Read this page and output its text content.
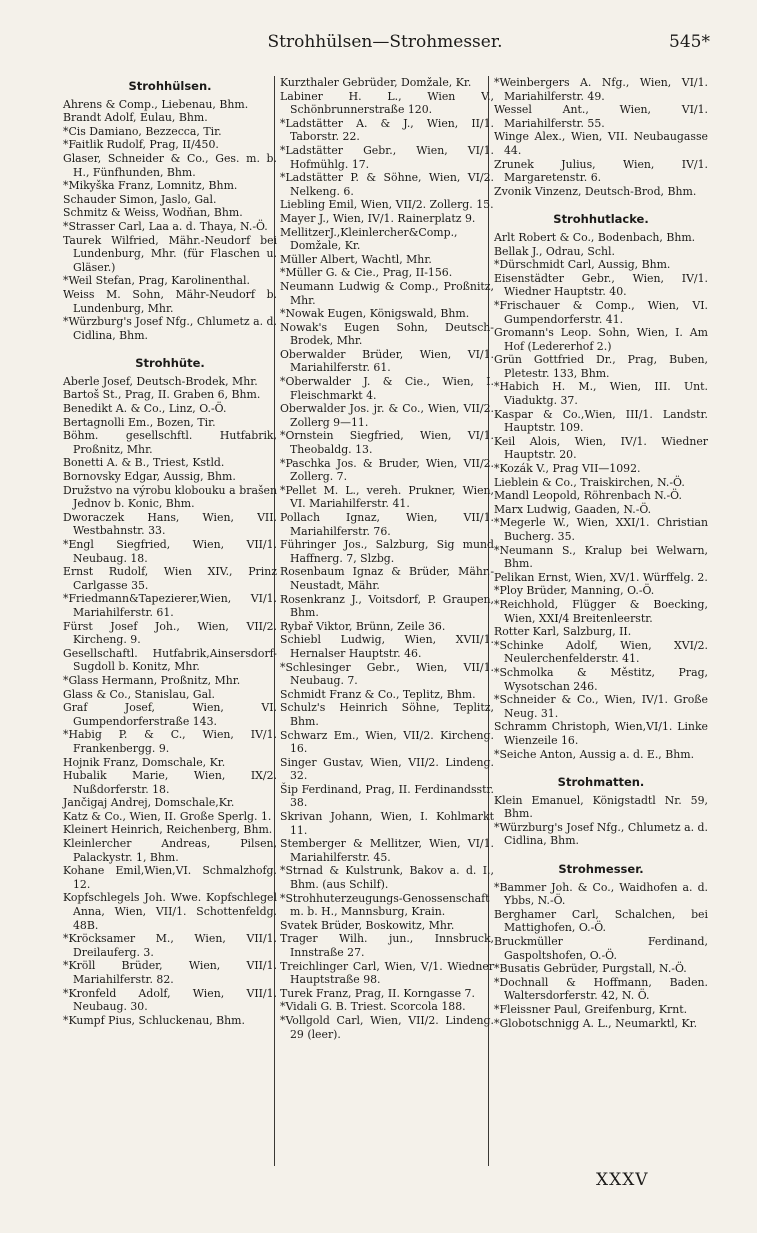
Strohhülsen—Strohmesser.	545*
Strohhülsen.

Ahrens & Comp., Liebenau, Bhm.

Brandt Adolf, Eulau, Bhm.

*Cis Damiano, Bezzecca, Tir.

*Faitlik Rudolf, Prag, II/450.

Glaser, Schneider & Co., Ges. m. b. H., Fünfhunden, Bhm.

*Mikyška Franz, Lomnitz, Bhm.

Schauder Simon, Jaslo, Gal.

Schmitz & Weiss, Wodňan, Bhm.

*Strasser Carl, Laa a. d. Thaya, N.-Ö.

Taurek Wilfried, Mähr.-Neudorf bei Lundenburg, Mhr. (für Flaschen u. Gläser.)

*Weil Stefan, Prag, Karolinenthal.

Weiss M. Sohn, Mähr-Neudorf b. Lundenburg, Mhr.

*Würzburg's Josef Nfg., Chlumetz a. d. Cidlina, Bhm.

Strohhüte.

Aberle Josef, Deutsch-Brodek, Mhr.

Bartoš St., Prag, II. Graben 6, Bhm.

Benedikt A. & Co., Linz, O.-Ö.

Bertagnolli Em., Bozen, Tir.

Böhm. gesellschftl. Hutfabrik, Proßnitz, Mhr.

Bonetti A. & B., Triest, Kstld.

Bornovsky Edgar, Aussig, Bhm.

Družstvo na výrobu klobouku a brašen Jednov b. Konic, Bhm.

Dworaczek Hans, Wien, VII. Westbahnstr. 33.

*Engl Siegfried, Wien, VII/1. Neubaug. 18.

Ernst Rudolf, Wien XIV., Prinz Carlgasse 35.

*Friedmann&Tapezierer,Wien, VI/1. Mariahilferstr. 61.

Fürst Josef Joh., Wien, VII/2. Kircheng. 9.

Gesellschaftl. Hutfabrik,Ainsersdorf-Sugdoll b. Konitz, Mhr.

*Glass Hermann, Proßnitz, Mhr.

Glass & Co., Stanislau, Gal.

Graf Josef, Wien, VI. Gumpendorferstraße 143.

*Habig P. & C., Wien, IV/1. Frankenbergg. 9.

Hojnik Franz, Domschale, Kr.

Hubalik Marie, Wien, IX/2. Nußdorferstr. 18.

Jančigaj Andrej, Domschale,Kr.

Katz & Co., Wien, II. Große Sperlg. 1.

Kleinert Heinrich, Reichenberg, Bhm.

Kleinlercher Andreas, Pilsen, Palackystr. 1, Bhm.

Kohane Emil,Wien,VI. Schmalzhofg. 12.

Kopfschlegels Joh. Wwe. Kopfschlegel Anna, Wien, VII/1. Schottenfeldg. 48B.

*Kröcksamer M., Wien, VII/1. Dreilauferg. 3.

*Kröll Brüder, Wien, VII/1. Mariahilferstr. 82.

*Kronfeld Adolf, Wien, VII/1. Neubaug. 30.

*Kumpf Pius, Schluckenau, Bhm.

Kurzthaler Gebrüder, Domžale, Kr.

Labiner H. L., Wien V., Schönbrunnerstraße 120.

*Ladstätter A. & J., Wien, II/1. Taborstr. 22.

*Ladstätter Gebr., Wien, VI/1. Hofmühlg. 17.

*Ladstätter P. & Söhne, Wien, VI/2. Nelkeng. 6.

Liebling Emil, Wien, VII/2. Zollerg. 15.

Mayer J., Wien, IV/1. Rainerplatz 9.

MellitzerJ.,Kleinlercher&Comp., Domžale, Kr.

Müller Albert, Wachtl, Mhr.

*Müller G. & Cie., Prag, II-156.

Neumann Ludwig & Comp., Proßnitz, Mhr.

*Nowak Eugen, Königswald, Bhm.

Nowak's Eugen Sohn, Deutsch-Brodek, Mhr.

Oberwalder Brüder, Wien, VI/1. Mariahilferstr. 61.

*Oberwalder J. & Cie., Wien, I. Fleischmarkt 4.

Oberwalder Jos. jr. & Co., Wien, VII/2. Zollerg 9—11.

*Ornstein Siegfried, Wien, VI/1. Theobaldg. 13.

*Paschka Jos. & Bruder, Wien, VII/2. Zollerg. 7.

*Pellet M. L., vereh. Prukner, Wien, VI. Mariahilferstr. 41.

Pollach Ignaz, Wien, VII/1. Mariahilferstr. 76.

Führinger Jos., Salzburg, Sig mund Haffnerg. 7, Slzbg.

Rosenbaum Ignaz & Brüder, Mähr.-Neustadt, Mähr.

Rosenkranz J., Voitsdorf, P. Graupen, Bhm.

Rybař Viktor, Brünn, Zeile 36.

Schiebl Ludwig, Wien, XVII/1. Hernalser Hauptstr. 46.

*Schlesinger Gebr., Wien, VII/1. Neubaug. 7.

Schmidt Franz & Co., Teplitz, Bhm.

Schulz's Heinrich Söhne, Teplitz, Bhm.

Schwarz Em., Wien, VII/2. Kircheng. 16.

Singer Gustav, Wien, VII/2. Lindeng. 32.

Šip Ferdinand, Prag, II. Ferdinandsstr. 38.

Skrivan Johann, Wien, I. Kohlmarkt 11.

Stemberger & Mellitzer, Wien, VI/1. Mariahilferstr. 45.

*Strnad & Kulstrunk, Bakov a. d. I., Bhm. (aus Schilf).

*Strohhuterzeugungs-Genossenschaft m. b. H., Mannsburg, Krain.

Svatek Brüder, Boskowitz, Mhr.

Trager Wilh. jun., Innsbruck, Innstraße 27.

Treichlinger Carl, Wien, V/1. Wiedner Hauptstraße 98.

Turek Franz, Prag, II. Korngasse 7.

*Vidali G. B. Triest. Scorcola 188.

*Vollgold Carl, Wien, VII/2. Lindeng. 29 (leer).

*Weinbergers A. Nfg., Wien, VI/1. Mariahilferstr. 49.

Wessel Ant., Wien, VI/1. Mariahilferstr. 55.

Winge Alex., Wien, VII. Neubaugasse 44.

Zrunek Julius, Wien, IV/1. Margaretenstr. 6.

Zvonik Vinzenz, Deutsch-Brod, Bhm.

Strohhutlacke.

Arlt Robert & Co., Bodenbach, Bhm.

Bellak J., Odrau, Schl.

*Dürschmidt Carl, Aussig, Bhm.

Eisenstädter Gebr., Wien, IV/1. Wiedner Hauptstr. 40.

*Frischauer & Comp., Wien, VI. Gumpendorferstr. 41.

Gromann's Leop. Sohn, Wien, I. Am Hof (Ledererhof 2.)

Grün Gottfried Dr., Prag, Buben, Pletestr. 133, Bhm.

*Habich H. M., Wien, III. Unt. Viaduktg. 37.

Kaspar & Co.,Wien, III/1. Landstr. Hauptstr. 109.

Keil Alois, Wien, IV/1. Wiedner Hauptstr. 20.

*Kozák V., Prag VII—1092.

Lieblein & Co., Traiskirchen, N.-Ö.

Mandl Leopold, Röhrenbach N.-Ö.

Marx Ludwig, Gaaden, N.-Ö.

*Megerle W., Wien, XXI/1. Christian Bucherg. 35.

*Neumann S., Kralup bei Welwarn, Bhm.

Pelikan Ernst, Wien, XV/1. Würffelg. 2.

*Ploy Brüder, Manning, O.-Ö.

*Reichhold, Flügger & Boecking, Wien, XXI/4 Breitenleerstr.

Rotter Karl, Salzburg, II.

*Schinke Adolf, Wien, XVI/2. Neulerchenfelderstr. 41.

*Schmolka & Městitz, Prag, Wysotschan 246.

*Schneider & Co., Wien, IV/1. Große Neug. 31.

Schramm Christoph, Wien,VI/1. Linke Wienzeile 16.

*Seiche Anton, Aussig a. d. E., Bhm.

Strohmatten.

Klein Emanuel, Königstadtl Nr. 59, Bhm.

*Würzburg's Josef Nfg., Chlumetz a. d. Cidlina, Bhm.

Strohmesser.

*Bammer Joh. & Co., Waidhofen a. d. Ybbs, N.-Ö.

Berghamer Carl, Schalchen, bei Mattighofen, O.-Ö.

Bruckmüller Ferdinand, Gaspoltshofen, O.-Ö.

*Busatis Gebrüder, Purgstall, N.-Ö.

*Dochnall & Hoffmann, Baden. Waltersdorferstr. 42, N. Ö.

*Fleissner Paul, Greifenburg, Krnt.

*Globotschnigg A. L., Neumarktl, Kr.

XXXV
